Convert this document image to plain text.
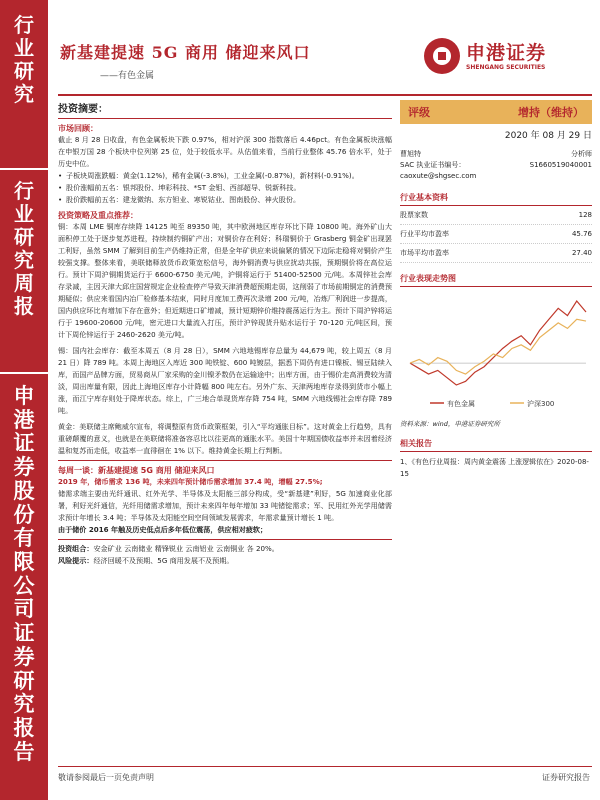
行
业
研
究
行
业
研
究
周
报
申
港
证
券
股
份
有
限
公
司
证
券
研
究
报
告
新基建提速 5G 商用 储迎来风口
——有色金属
申港证券
SHENGANG SECURITIES
投资摘要：
市场回顾：
截止 8 月 28 日收盘，有色金属板块下跌 0.97%，相对沪深 300 指数落后 4.46pct。有色金属板块涨幅在申银万国 28 个板块中位列第 25 位，处于较低水平。从估值来看，当前行业整体 45.76 倍水平，处于历史中位。
• 子板块周涨跌幅：黄金(1.12%)，稀有金属(-3.8%)，工业金属(-0.87%)，新材料(-0.91%)。
• 股价涨幅前五名：银邦股份、坤彩科技、*ST 金钼、西部超导、锐新科技。
• 股价跌幅前五名：建龙微纳、东方钽业、寒锐钴业、图南股份、神火股份。
投资策略及重点推荐：
铜：本周 LME 铜库存续降 14125 吨至 89350 吨，其中欧洲地区库存环比下降 10800 吨。海外矿山大面积停工处于逐步复苏进程，持续制约铜矿产出；对铜价存在利好；科瑞铜价于 Grasberg 铜金矿出现罢工利好，虽然 SMM 了解到目前生产仍维持正常，但是全年矿供应来说偏紧的情况下边际走稳将对铜价产生较强支撑。整体来看，美联储释放货币政策宽松信号，海外铜消费与供应扰动共振，预期铜价将在高位运行。预计下周沪铜期货运行于 6600-6750 美元/吨，沪铜将运行于 51400-52500 元/吨。本周锌社会库存录减，主因天津大邱庄国营规定企业检查停产导致天津消费超预期走弱，这削弱了市场前期铜定的消费预期疑似；供应来看国内冶厂检修基本结束，同时月度加工费再次录增 200 元/吨，冶炼厂利润进一步提高，国内供应环比有增加下存在意外；但近期进口矿增减，预计短期锌价维持震荡运行为主。预计下周沪锌将运行于 19600-20600 元/吨，密元进口大量流入打压，预计沪锌现货升贴水运行于 70-120 元/吨区间，预计下周伦锌运行于 2460-2620 美元/吨。
锡：国内社会库存：截至本周五（8 月 28 日），SMM 六地地锡库存总量为 44,679 吨，较上周五（8 月 21 日）降 789 吨。本周上海地区入库近 300 吨铁锭、600 吨镀层，据悉下周仍有进口镍板、锡豆陆续入库，而国产品牌方面，贸易商从厂家采购的金川镍矛数仍在运输途中；出库方面，由于锡价走高消费较为清淡，周出库量有限，因此上海地区库存小计降幅 800 吨左右。另外广东、天津两地库存录得到货市小幅上涨，而江宁库存则处于降库状态。综上，广三地合单现货库存降 754 吨，SMM 六地线锡社会库存降 789 吨。
黄金：美联储主席鲍威尔宣布，将调整原有货币政策框架，引入“平均通胀目标”。这对黄金上行趋势，具有重磅颠覆的意义，也就是在美联储将准备容忍比以往更高的通胀水平。美国十年期国债收益率并未因着经济温和复苏而走低，收益率一直徘徊在 1% 以下。维持黄金长期上行判断。
每周一谈：新基建提速 5G 商用 储迎来风口
2019 年，储币需求 136 吨，未来四年预计储币需求增加 37.4 吨，增幅 27.5%;
储需求端主要由光纤通讯、红外光学、半导体及太阳能三部分构成，受“新基建”利好，5G 加速商业化部署，利好光纤通信，光纤用储需求增加，预计未来四年每年增加 33 吨锗锭需求；军、民用红外光学用储需求预计年增长 3.4 吨；半导体及太阳能空间空间领域发展需求，年需求量预计增长 1 吨。
由于储价 2016 年触及历史低点后多年低位震荡，供应相对疲软；
投资组合：安金矿业 云南储业 精锋锐业 云南铝业 云南铜业 各 20%。
风险提示：经济回暖不及预期、5G 商用发展不及预期。
评级	增持（维持）
2020 年 08 月 29 日
曹旭特	分析师
SAC 执业证书编号：	S1660519040001
caoxute@shgsec.com
行业基本资料
股票家数	128
行业平均市盈率	45.76
市场平均市盈率	27.40
行业表现走势图
有色金属	沪深300
资料来源：wind，申港证券研究所
相关报告
1、《有色行业周报：周内黄金震荡 上涨逻辑依在》2020-08-15
敬请参阅最后一页免责声明	证券研究报告
